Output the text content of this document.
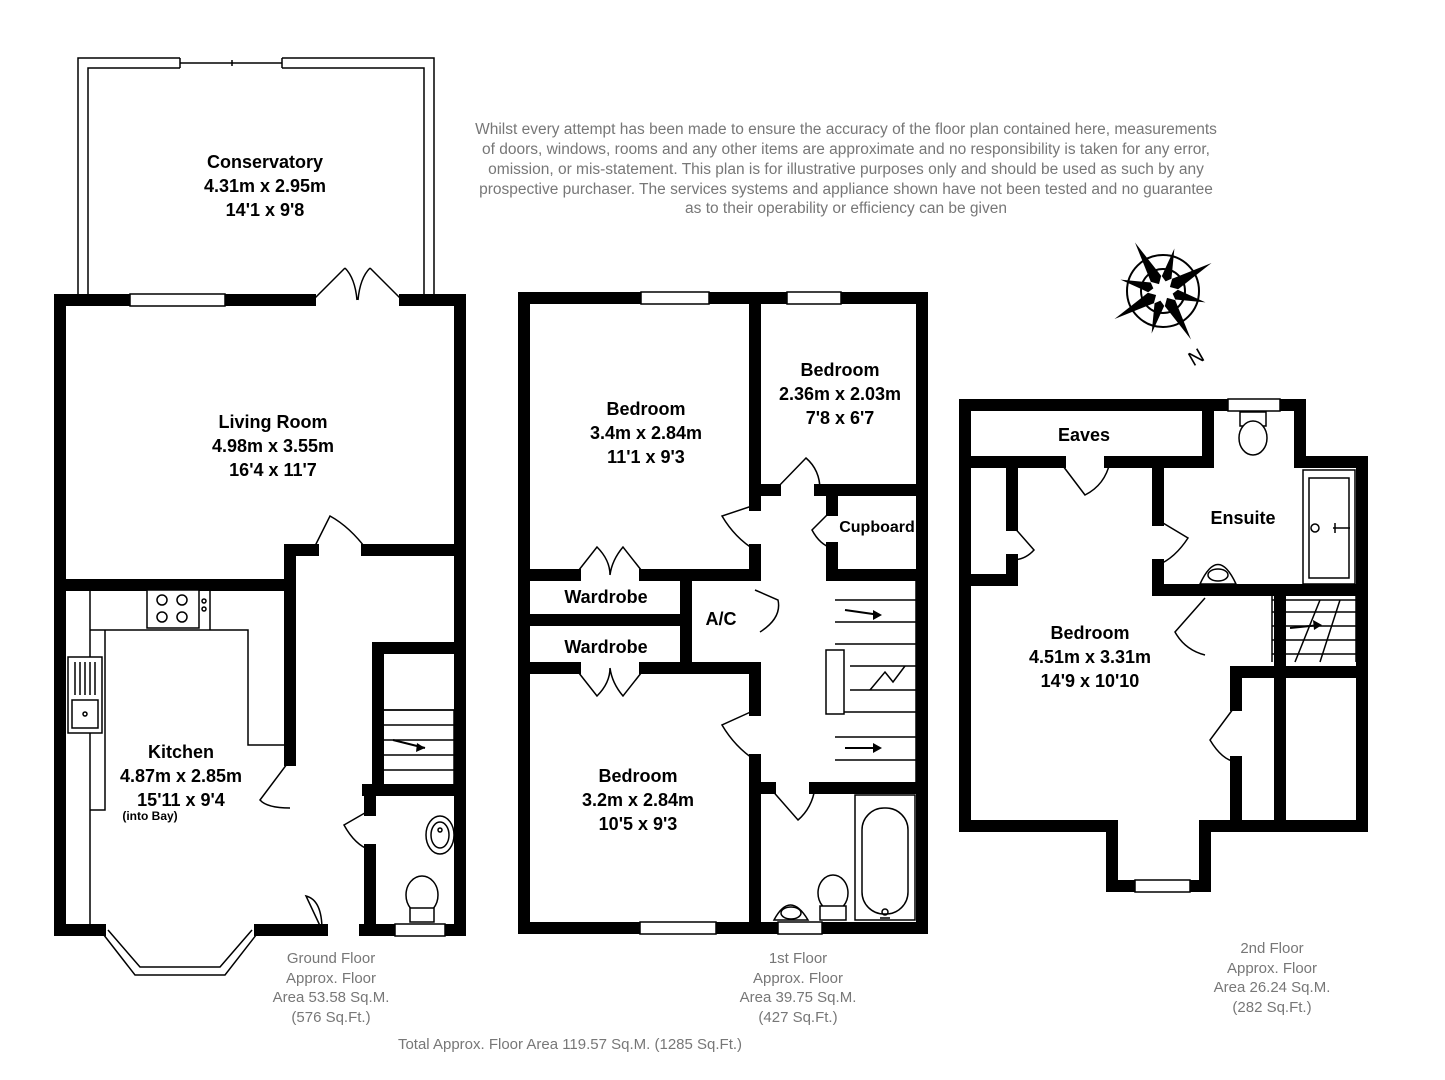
N
Whilst every attempt has been made to ensure the accuracy of the floor plan contained here, measurements
of doors, windows, rooms and any other items are approximate and no responsibility is taken for any error,
omission, or mis-statement. This plan is for illustrative purposes only and should be used as such by any
prospective purchaser. The services systems and appliance shown have not been tested and no guarantee
as to their operability or efficiency can be given
Conservatory
4.31m x 2.95m
14'1 x 9'8
Living Room
4.98m x 3.55m
16'4 x 11'7
Kitchen
4.87m x 2.85m
15'11 x 9'4
(into Bay)
Bedroom
3.4m x 2.84m
11'1 x 9'3
Bedroom
2.36m x 2.03m
7'8 x 6'7
Bedroom
3.2m x 2.84m
10'5 x 9'3
Cupboard
Wardrobe
Wardrobe
A/C
Eaves
Ensuite
Bedroom
4.51m x 3.31m
14'9 x 10'10
Ground Floor
Approx. Floor
Area 53.58 Sq.M.
(576 Sq.Ft.)
1st Floor
Approx. Floor
Area 39.75 Sq.M.
(427 Sq.Ft.)
2nd Floor
Approx. Floor
Area 26.24 Sq.M.
(282 Sq.Ft.)
Total Approx. Floor Area 119.57 Sq.M. (1285 Sq.Ft.)
